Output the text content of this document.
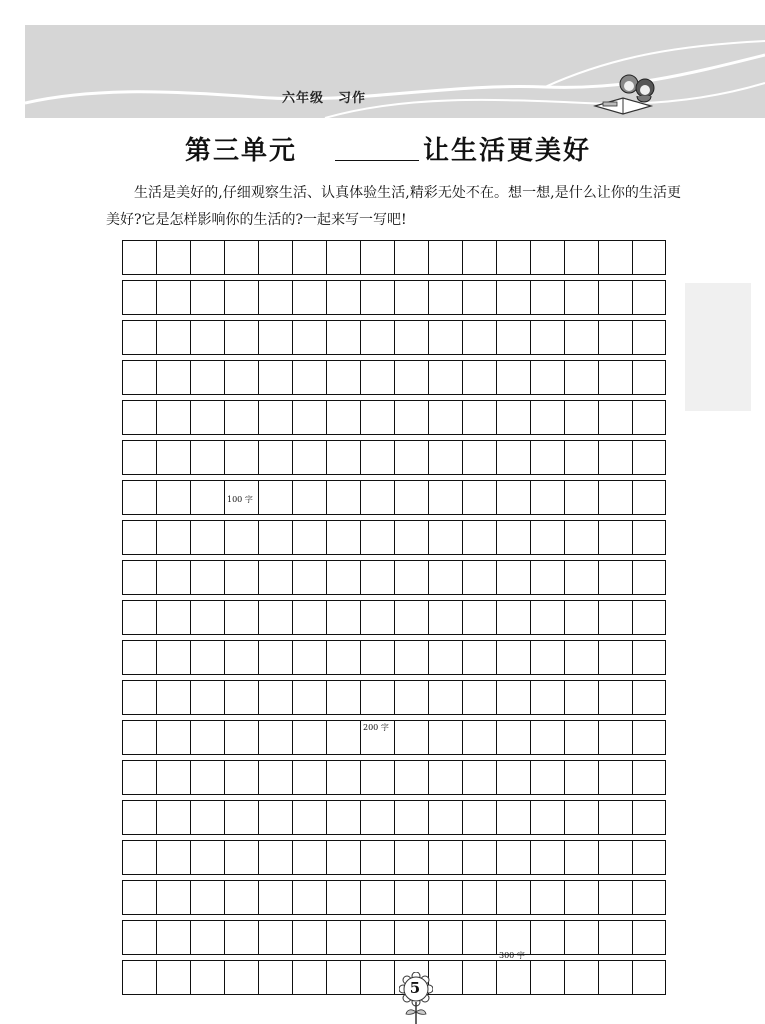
六年级 习作
第三单元	让生活更美好

生活是美好的,仔细观察生活、认真体验生活,精彩无处不在。想一想,是什么让你的生活更美好?它是怎样影响你的生活的?一起来写一写吧!

100 字
200 字
300 字
5
